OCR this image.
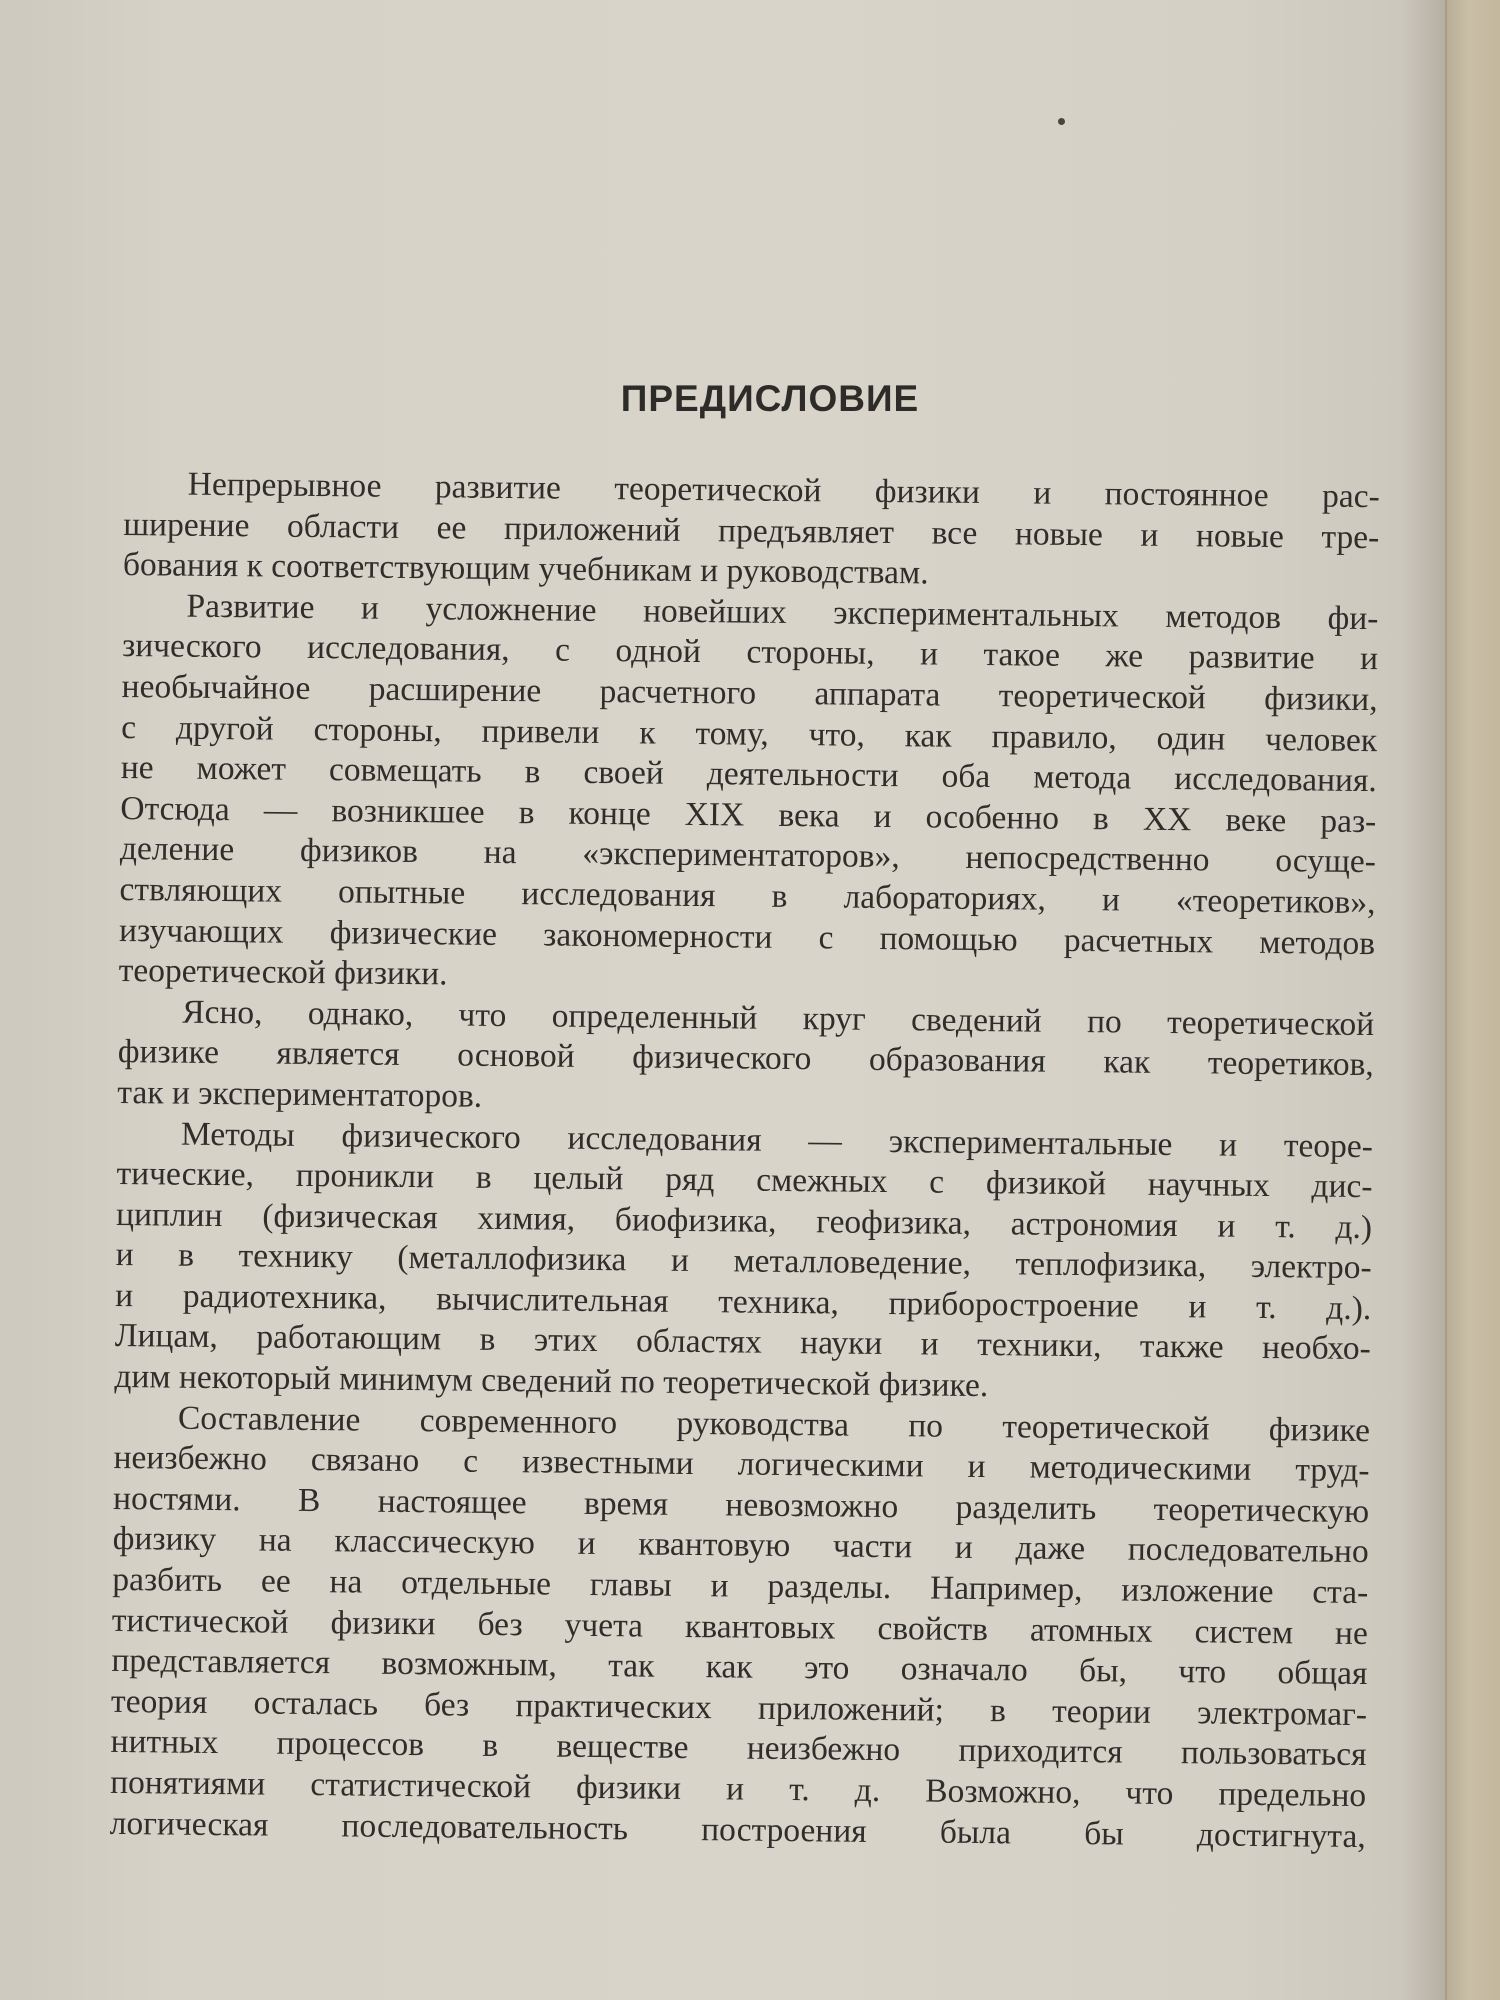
ПРЕДИСЛОВИЕ
Непрерывное развитие теоретической физики и постоянное рас-
ширение области ее приложений предъявляет все новые и новые тре-
бования к соответствующим учебникам и руководствам.
Развитие и усложнение новейших экспериментальных методов фи-
зического исследования, с одной стороны, и такое же развитие и
необычайное расширение расчетного аппарата теоретической физики,
с другой стороны, привели к тому, что, как правило, один человек
не может совмещать в своей деятельности оба метода исследования.
Отсюда — возникшее в конце XIX века и особенно в XX веке раз-
деление физиков на «экспериментаторов», непосредственно осуще-
ствляющих опытные исследования в лабораториях, и «теоретиков»,
изучающих физические закономерности с помощью расчетных методов
теоретической физики.
Ясно, однако, что определенный круг сведений по теоретической
физике является основой физического образования как теоретиков,
так и экспериментаторов.
Методы физического исследования — экспериментальные и теоре-
тические, проникли в целый ряд смежных с физикой научных дис-
циплин (физическая химия, биофизика, геофизика, астрономия и т. д.)
и в технику (металлофизика и металловедение, теплофизика, электро-
и радиотехника, вычислительная техника, приборостроение и т. д.).
Лицам, работающим в этих областях науки и техники, также необхо-
дим некоторый минимум сведений по теоретической физике.
Составление современного руководства по теоретической физике
неизбежно связано с известными логическими и методическими труд-
ностями. В настоящее время невозможно разделить теоретическую
физику на классическую и квантовую части и даже последовательно
разбить ее на отдельные главы и разделы. Например, изложение ста-
тистической физики без учета квантовых свойств атомных систем не
представляется возможным, так как это означало бы, что общая
теория осталась без практических приложений; в теории электромаг-
нитных процессов в веществе неизбежно приходится пользоваться
понятиями статистической физики и т. д. Возможно, что предельно
логическая последовательность построения была бы достигнута,
